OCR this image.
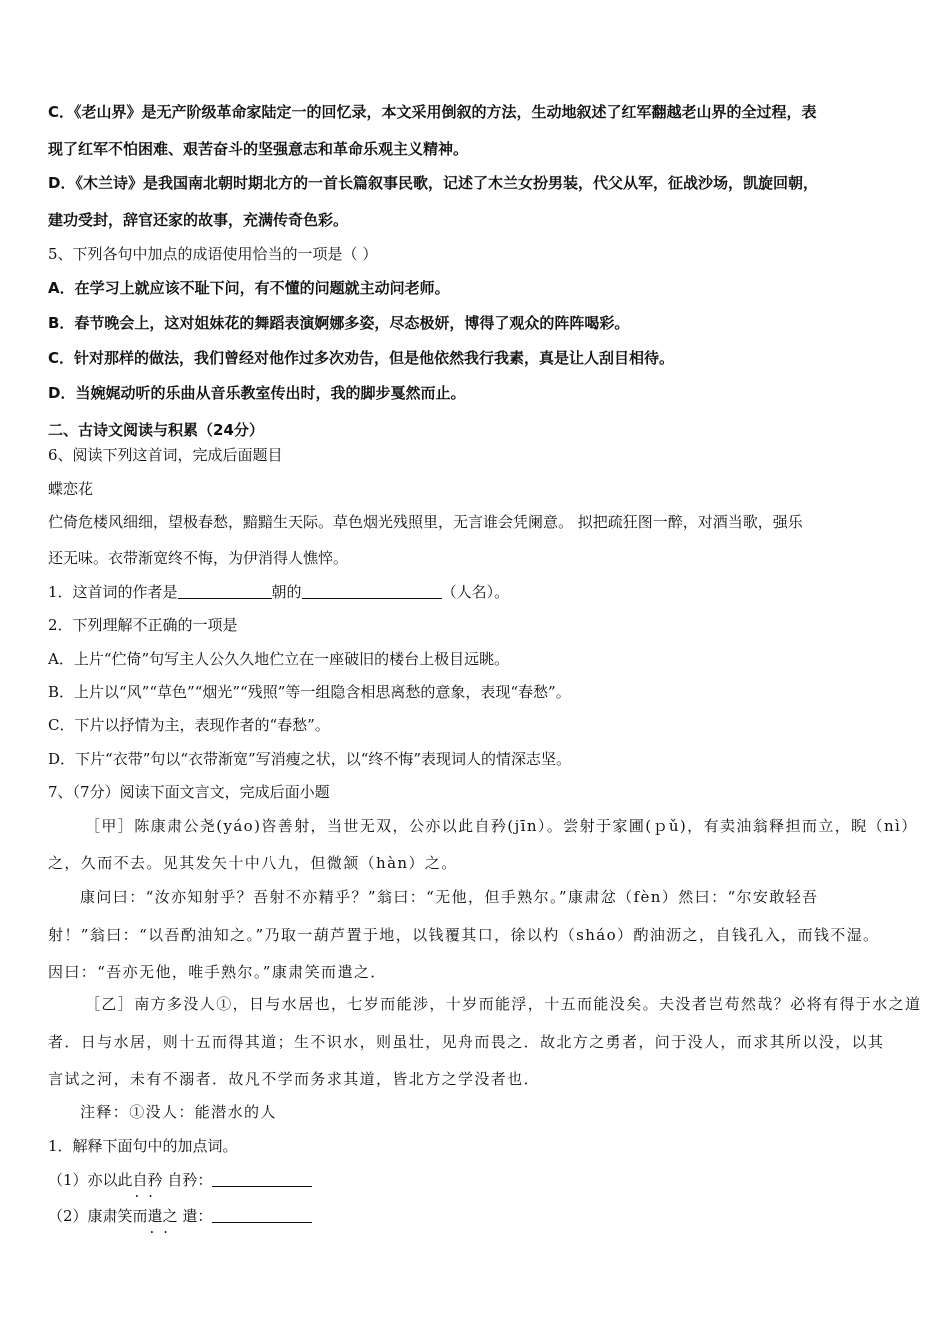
C．《老山界》是无产阶级革命家陆定一的回忆录，本文采用倒叙的方法，生动地叙述了红军翻越老山界的全过程，表
现了红军不怕困难、艰苦奋斗的坚强意志和革命乐观主义精神。
D．《木兰诗》是我国南北朝时期北方的一首长篇叙事民歌，记述了木兰女扮男装，代父从军，征战沙场，凯旋回朝，
建功受封，辞官还家的故事，充满传奇色彩。
5、下列各句中加点的成语使用恰当的一项是（ ）
A．在学习上就应该不耻下问，有不懂的问题就主动问老师。
B．春节晚会上，这对姐妹花的舞蹈表演婀娜多姿，尽态极妍，博得了观众的阵阵喝彩。
C．针对那样的做法，我们曾经对他作过多次劝告，但是他依然我行我素，真是让人刮目相待。
D．当婉娓动听的乐曲从音乐教室传出时，我的脚步戛然而止。
二、古诗文阅读与积累（24分）
6、阅读下列这首词，完成后面题目
蝶恋花
伫倚危楼风细细，望极春愁，黯黯生天际。草色烟光残照里，无言谁会凭阑意。 拟把疏狂图一醉，对酒当歌，强乐
还无味。衣带渐宽终不悔，为伊消得人憔悴。
1．这首词的作者是	朝的	（人名）。
2．下列理解不正确的一项是
A．上片“伫倚”句写主人公久久地伫立在一座破旧的楼台上极目远眺。
B．上片以“风”“草色”“烟光”“残照”等一组隐含相思离愁的意象，表现“春愁”。
C．下片以抒情为主，表现作者的“春愁”。
D．下片“衣带”句以“衣带渐宽”写消瘦之状，以“终不悔”表现词人的情深志坚。
7、（7分）阅读下面文言文，完成后面小题
［甲］陈康肃公尧(yáo)咨善射，当世无双，公亦以此自矜(jīn）。尝射于家圃(ｐǔ)，有卖油翁释担而立，睨（nì）
之，久而不去。见其发矢十中八九，但微颔（hàn）之。
康问曰：“汝亦知射乎？吾射不亦精乎？”翁曰：“无他，但手熟尔。”康肃忿（fèn）然曰：“尔安敢轻吾
射！”翁曰：“以吾酌油知之。”乃取一葫芦置于地，以钱覆其口，徐以杓（sháo）酌油沥之，自钱孔入，而钱不湿。
因曰：“吾亦无他，唯手熟尔。”康肃笑而遣之．
［乙］南方多没人①，日与水居也，七岁而能涉，十岁而能浮，十五而能没矣。夫没者岂苟然哉？必将有得于水之道
者．日与水居，则十五而得其道；生不识水，则虽壮，见舟而畏之．故北方之勇者，问于没人，而求其所以没，以其
言试之河，未有不溺者．故凡不学而务求其道，皆北方之学没者也．
注释：①没人：能潜水的人
1．解释下面句中的加点词。
（1）亦以此自矜 . . 自矜：
（2）康肃笑而遣 . .之 遣：
